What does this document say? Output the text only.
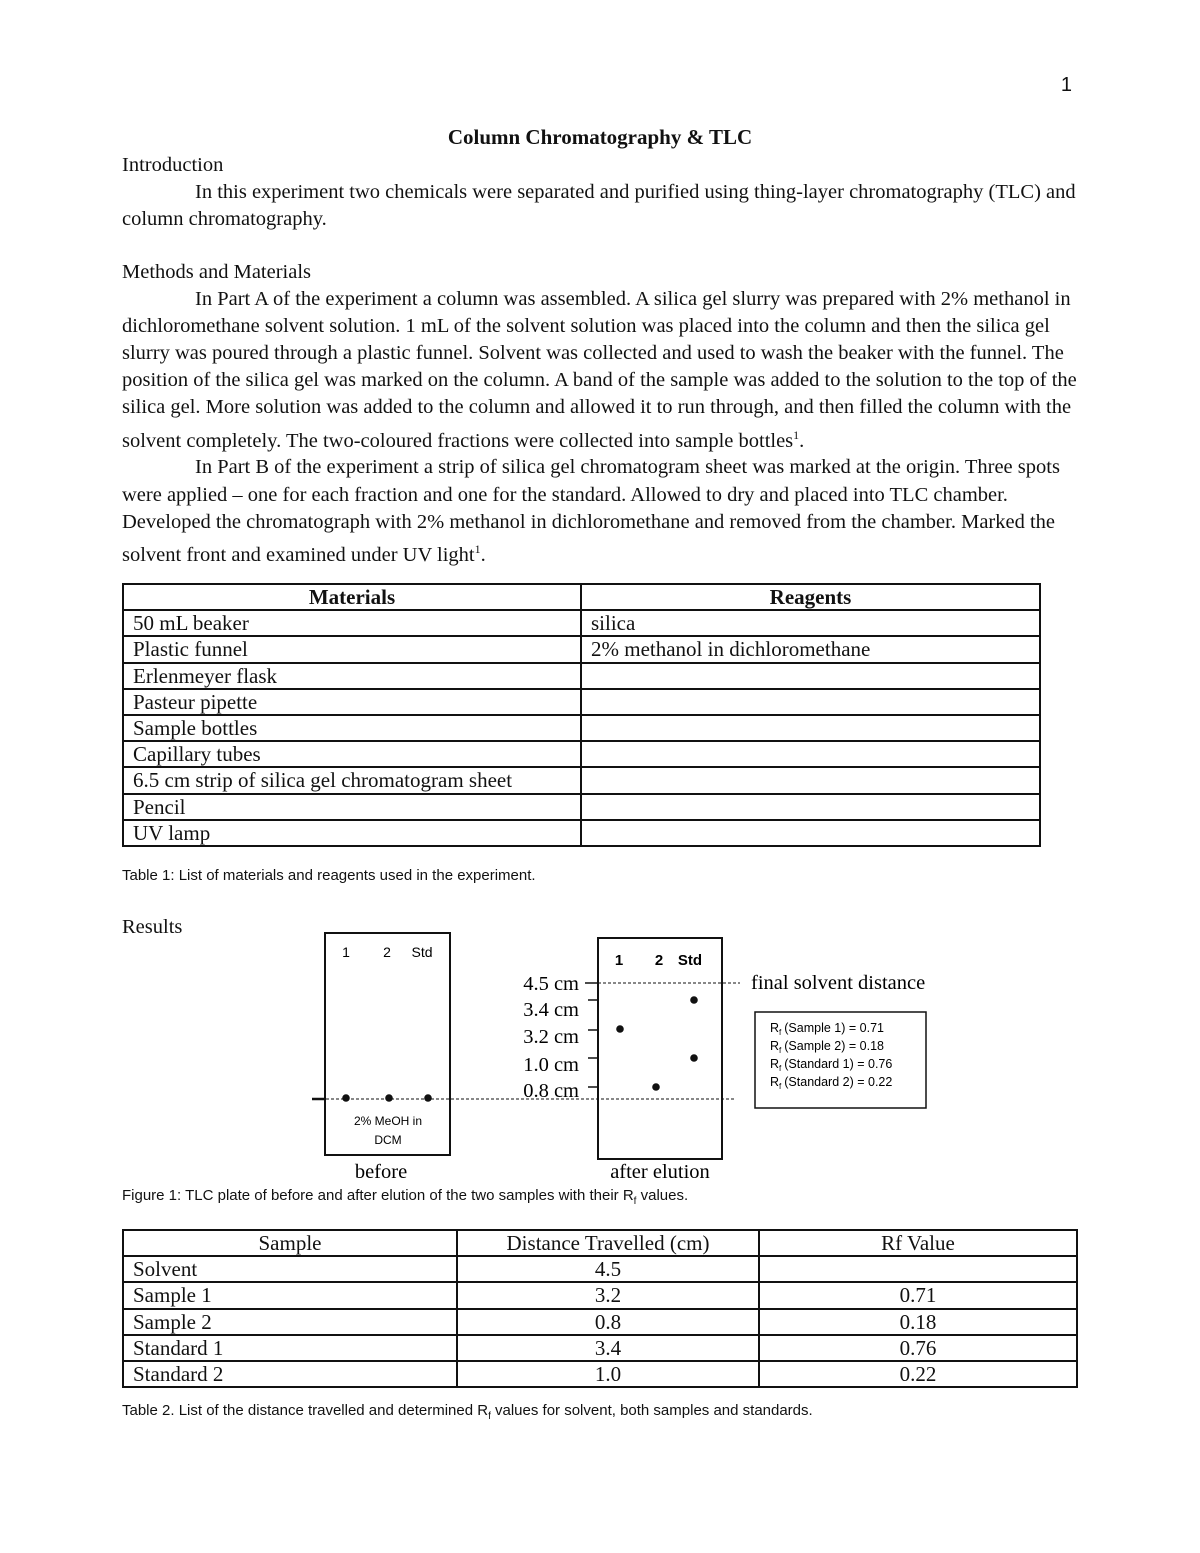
1
Column Chromatography & TLC
Introduction

In this experiment two chemicals were separated and purified using thing-layer chromatography (TLC) and column chromatography.

Methods and Materials

In Part A of the experiment a column was assembled. A silica gel slurry was prepared with 2% methanol in dichloromethane solvent solution. 1 mL of the solvent solution was placed into the column and then the silica gel slurry was poured through a plastic funnel. Solvent was collected and used to wash the beaker with the funnel. The position of the silica gel was marked on the column. A band of the sample was added to the solution to the top of the silica gel. More solution was added to the column and allowed it to run through, and then filled the column with the solvent completely. The two-coloured fractions were collected into sample bottles$^1$.

In Part B of the experiment a strip of silica gel chromatogram sheet was marked at the origin. Three spots were applied – one for each fraction and one for the standard. Allowed to dry and placed into TLC chamber. Developed the chromatograph with 2% methanol in dichloromethane and removed from the chamber. Marked the solvent front and examined under UV light$^1$.

Materials	Reagents
50 mL beaker	silica
Plastic funnel	2% methanol in dichloromethane
Erlenmeyer flask	
Pasteur pipette	
Sample bottles	
Capillary tubes	
6.5 cm strip of silica gel chromatogram sheet	
Pencil	
UV lamp	
Table 1: List of materials and reagents used in the experiment.
Results
1 2 Std
2% MeOH in
DCM
before
1 2 Std
4.5 cm
3.4 cm
3.2 cm
1.0 cm
0.8 cm
after elution
final solvent distance
$R_f$ (Sample 1) = 0.71
$R_f$ (Sample 2) = 0.18
$R_f$ (Standard 1) = 0.76
$R_f$ (Standard 2) = 0.22
Figure 1: TLC plate of before and after elution of the two samples with their $R_f$ values.
Sample	Distance Travelled (cm)	Rf Value
Solvent	4.5	
Sample 1	3.2	0.71
Sample 2	0.8	0.18
Standard 1	3.4	0.76
Standard 2	1.0	0.22
Table 2. List of the distance travelled and determined $R_f$ values for solvent, both samples and standards.
